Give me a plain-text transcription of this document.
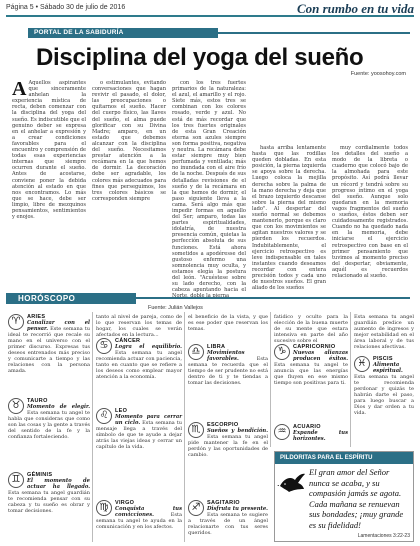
Página 5 • Sábado 30 de julio de 2016	Con rumbo en tu vida
PORTAL DE LA SABIDURÍA
Disciplina del yoga del sueño
Fuente: yoosohoy.com

A Aquellos aspirantes que sinceramente anhelan la experiencia mística de recta, deben comenzar con la disciplina del yoga del sueño. Es indiscutible que el genuino deber se expresa en el anhelar a expresión y a crear condiciones favorables para el encuentro y comprensión de todas esas experiencias internas que siempre ocurren durante el sueño. Antes de acostarse, conviene poner la debida atención al estado en que nos encontramos. Lo más que se hace, debe ser limpio, libre de mezquinos pensamientos, sentimientos y enojos.

o estimulantes, evitando conversaciones que hagan revivir el pasado, el dolor, las preocupaciones o quitarnos el sueño. Hacer del cuerpo físico, las llaves del sueño, el alma puede glorificar con su Divina Madre; amparo, en un estado que debemos alcanzar con la disciplina del sueño. Necesitamos prestar atención a la recámara en la que hemos de dormir. La decoración debe ser agradable, los colores más adecuados para fines que perseguimos, los tres colores básicos se corresponden siempre

con los tres fuertes primarios de la naturaleza: el azul, el amarillo y el rojo. Siete más, estos tres se combinan con los colores rosado, verde y azul. No está de más recordar que los tres fuertes originales de esta Gran Creación eterna son azules siempre son forma positiva, negativa y neutra. La recámara debe estar siempre muy bien perfumada y ventilada; más no inundada con el aire frío de la noche. Después de sus detalladas revisiones de el sueño y de la recámara en la que hemos de dormir, el paso siguiente lleva a la cama. Será algo más que impedir formas en aquello del Ser; amparo, todas las partes espiritualidades, idolatría, de nuestra presencia común, quietas la perfección absoluta de sus funciones. Está ahora sometidos a apodéresse del gustoso enfermo una somnolencia muy oculta, y estamos elegía la postura del león. "Acuéstese sobre su lado derecho, con la cabeza apuntando hacia el

hasta arriba lentamente hasta que las rodillas queden dobladas. En esta posición, la pierna izquierda se apoya sobre la derecha. Luego coloca la mejilla derecha sobre la palma de la mano derecha y deja que el brazo izquierdo descanse sobre la pierna del mismo lado". Al despertar del sueño normal se debemos mantenerlo, porque es claro que con los movimientos se agitan nuestros valores y se pierden los recuerdos. Indubitablemente, el ejercicio retrospectivo es leve indispensable en tales instantes cuando deseamos recordar con entera precisión todos y cada uno de nuestros sueños. El gran aliado de los sueños

muy cordialmente todos los detalles del sueño a modo de la libreta o cuaderno que colocó bajo de la almohada para este propósito. Así podrá llevar un récord y tendrá sobre su progreso íntimo en el yoga del sueño. Aunque solo quedaran en la memoria vagos fragmentos del sueño o sueños, éstos deben ser cuidadosamente registrados. Cuando no ha quedado nada en la memoria, debe iniciarse el ejercicio retrospectivo con base en el primer pensamiento que tuvimos al momento preciso del despertar, obviamente, aquél es recuerdos relacionado al sueño.

HORÓSCOPO
Fuente: Julián Vallejos
♈	ARIES
Canalizar con el pensar. Este semana tu ideal te recorrió que recale su mano en el universo con el primer discurso. Expresas tus deseos entrenados más preciso y comunicarte a tiempo y las relaciones con la persona amada.
♉	TAURO
Momento de elegir. Esta semana tu angel te habla que consideras que como son las cosas y la gente a través del sentido de la fe y la confianza fortaleciendo.
♊	GÉMINIS
El momento de actuar ha llegado. Esta semana tu angel guardián te recomienda pensar con su cabeza y tu sueño es obrar y tomar decisiones.
tanto al nivel de pareja, como de lo que reservan los temas de hogar, los cuales se verán afectados en la lectura...
♋	CÁNCER
Logra el equilibrio. Esta semana tu angel recomienda actuar con paciencia, tanto en cuanto que se refiere a los deseos como emplear mayor atención a la economía.
♌	LEO
Momento para cerrar un ciclo. Esta semana tu mensaje llega a través del símbolo de que te ayude a dejar atrás las viejas ideas y cerrar un capítulo de la vida.
♍	VIRGO
Conquista tus convicciones.	Esta semana tu angel te ayuda en la comunicación y en los afectos.
el beneficio de la vista, y que es ese poder que reservan los temas.
♎	LIBRA
Movimientos favorables.	Esta semana te recuerda que el tiempo de ser prudente no está dentro de ti y te tiendas a tomar las decisiones.
♏	ESCORPIO
Sueños y bendición. Esta semana tu angel pide mantener la fe en el perdón y las oportunidades de cambio.
♐	SAGITARIO
Disfruta tu presente. Esta semana te sugiere a través de un ángel relacionarte con tus seres queridos.
fatidico y oculto para la elección de la buena muerte de su mente que estara intensiva en parte del año sucesivo sobre el
♑	CAPRICORNIO
Nuevas alianzas producen éxitos. Esta semana tu angel te anuncia que las energías que fluyen en ese mismo tiempo son positivas para ti.
♒	ACUARIO
Expande tus horizontes.
Esta semana tu angel guardián predice un aumento de ingresos y mejor estabilidad en el área laboral y de tus relaciones afectivas.
♓	PISCIS
Alimenta espiritual. Esta semana tu angel te recomienda perdonar y quizás te habrán darte el paso, para luego buscar a Dios y dar orden a tu vida.
PILDORITAS PARA EL ESPÍRITU
El gran amor del Señor nunca se acaba, y su compasión jamás se agota. Cada mañana se renuevan sus bondades; ¡muy grande es su fidelidad!
Lamentaciones 3:22-23
